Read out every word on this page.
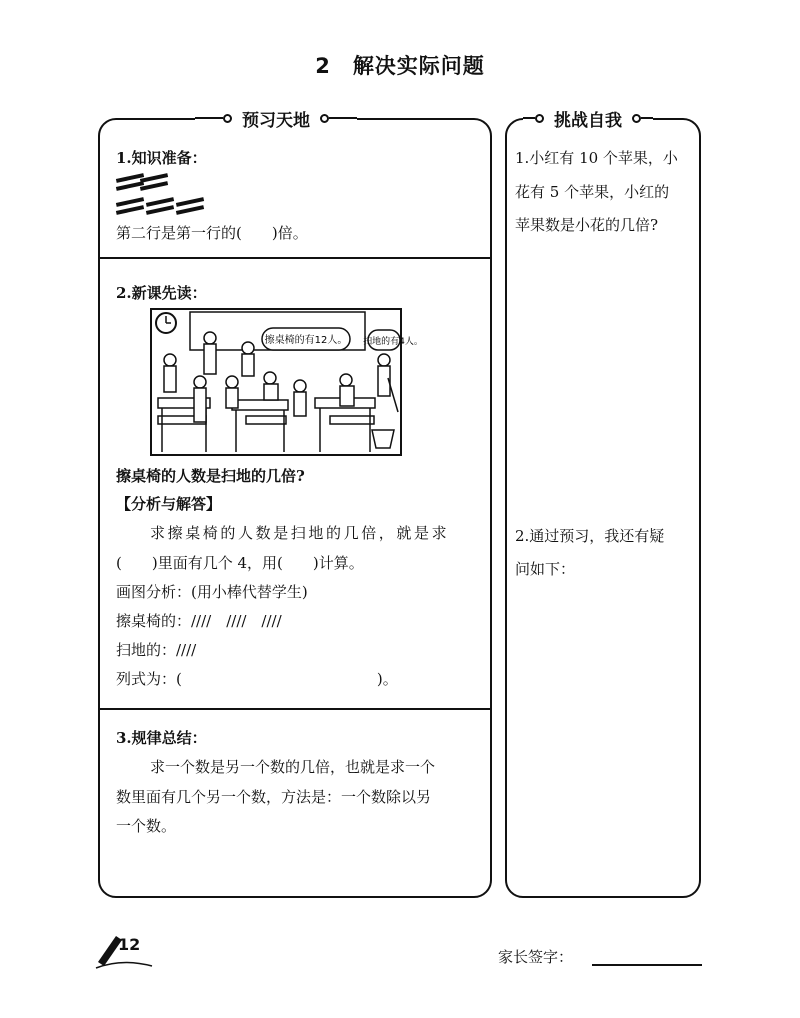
2 解决实际问题
预习天地	挑战自我
1.知识准备：
第二行是第一行的(　　)倍。
2.新课先读：
擦桌椅的有12人。 扫地的有4人。
擦桌椅的人数是扫地的几倍?
【分析与解答】
求擦桌椅的人数是扫地的几倍，就是求
(　　)里面有几个 4，用(　　)计算。
画图分析：(用小棒代替学生)
擦桌椅的：////　////　////
扫地的：////
列式为：(　　　　　　　　　　　　　)。
3.规律总结：
求一个数是另一个数的几倍，也就是求一个
数里面有几个另一个数，方法是：一个数除以另
一个数。
1.小红有 10 个苹果，小
花有 5 个苹果，小红的
苹果数是小花的几倍?
2.通过预习，我还有疑
问如下：
12
家长签字：
